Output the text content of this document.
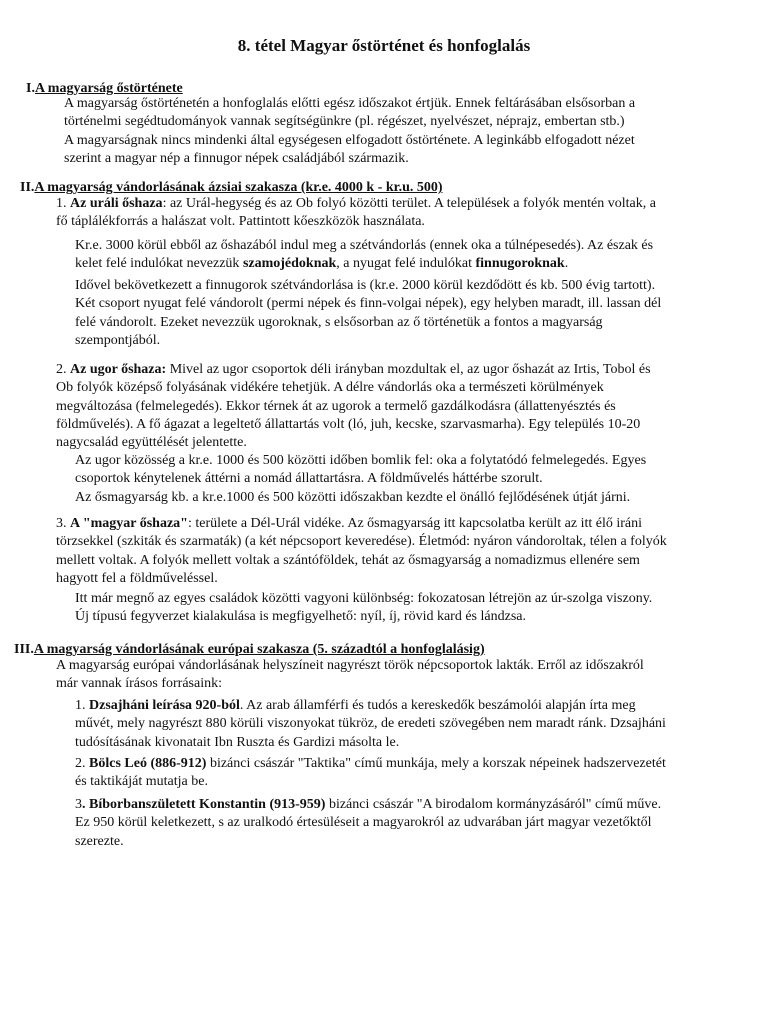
8. tétel Magyar őstörténet és honfoglalás
I.A magyarság őstörténete
A magyarság őstörténetén a honfoglalás előtti egész időszakot értjük. Ennek feltárásában elsősorban a
történelmi segédtudományok vannak segítségünkre (pl. régészet, nyelvészet, néprajz, embertan stb.)
A magyarságnak nincs mindenki által egységesen elfogadott őstörténete. A leginkább elfogadott nézet
szerint a magyar nép a finnugor népek családjából származik.
II.A magyarság vándorlásának ázsiai szakasza (kr.e. 4000 k - kr.u. 500)
1. Az uráli őshaza: az Urál-hegység és az Ob folyó közötti terület. A települések a folyók mentén voltak, a
fő táplálékforrás a halászat volt. Pattintott kőeszközök használata.
Kr.e. 3000 körül ebből az őshazából indul meg a szétvándorlás (ennek oka a túlnépesedés). Az észak és
kelet felé indulókat nevezzük szamojédoknak, a nyugat felé indulókat finnugoroknak.
Idővel bekövetkezett a finnugorok szétvándorlása is (kr.e. 2000 körül kezdődött és kb. 500 évig tartott).
Két csoport nyugat felé vándorolt (permi népek és finn-volgai népek), egy helyben maradt, ill. lassan dél
felé vándorolt. Ezeket nevezzük ugoroknak, s elsősorban az ő történetük a fontos a magyarság
szempontjából.
2. Az ugor őshaza: Mivel az ugor csoportok déli irányban mozdultak el, az ugor őshazát az Irtis, Tobol és
Ob folyók középső folyásának vidékére tehetjük. A délre vándorlás oka a természeti körülmények
megváltozása (felmelegedés). Ekkor térnek át az ugorok a termelő gazdálkodásra (állattenyésztés és
földművelés). A fő ágazat a legeltető állattartás volt (ló, juh, kecske, szarvasmarha). Egy település 10-20
nagycsalád együttélését jelentette.
Az ugor közösség a kr.e. 1000 és 500 közötti időben bomlik fel: oka a folytatódó felmelegedés. Egyes
csoportok kénytelenek áttérni a nomád állattartásra. A földművelés háttérbe szorult.
Az ősmagyarság kb. a kr.e.1000 és 500 közötti időszakban kezdte el önálló fejlődésének útját járni.
3. A "magyar őshaza": területe a Dél-Urál vidéke. Az ősmagyarság itt kapcsolatba került az itt élő iráni
törzsekkel (szkiták és szarmaták) (a két népcsoport keveredése). Életmód: nyáron vándoroltak, télen a folyók
mellett voltak. A folyók mellett voltak a szántóföldek, tehát az ősmagyarság a nomadizmus ellenére sem
hagyott fel a földműveléssel.
Itt már megnő az egyes családok közötti vagyoni különbség: fokozatosan létrejön az úr-szolga viszony.
Új típusú fegyverzet kialakulása is megfigyelhető: nyíl, íj, rövid kard és lándzsa.
III.A magyarság vándorlásának európai szakasza (5. századtól a honfoglalásig)
A magyarság európai vándorlásának helyszíneit nagyrészt török népcsoportok lakták. Erről az időszakról
már vannak írásos forrásaink:
1. Dzsajháni leírása 920-ból. Az arab államférfi és tudós a kereskedők beszámolói alapján írta meg
művét, mely nagyrészt 880 körüli viszonyokat tükröz, de eredeti szövegében nem maradt ránk. Dzsajháni
tudósításának kivonatait Ibn Ruszta és Gardizi másolta le.
2. Bölcs Leó (886-912) bizánci császár "Taktika" című munkája, mely a korszak népeinek hadszervezetét
és taktikáját mutatja be.
3. Bíborbanszületett Konstantin (913-959) bizánci császár "A birodalom kormányzásáról" című műve.
Ez 950 körül keletkezett, s az uralkodó értesüléseit a magyarokról az udvarában járt magyar vezetőktől
szerezte.
